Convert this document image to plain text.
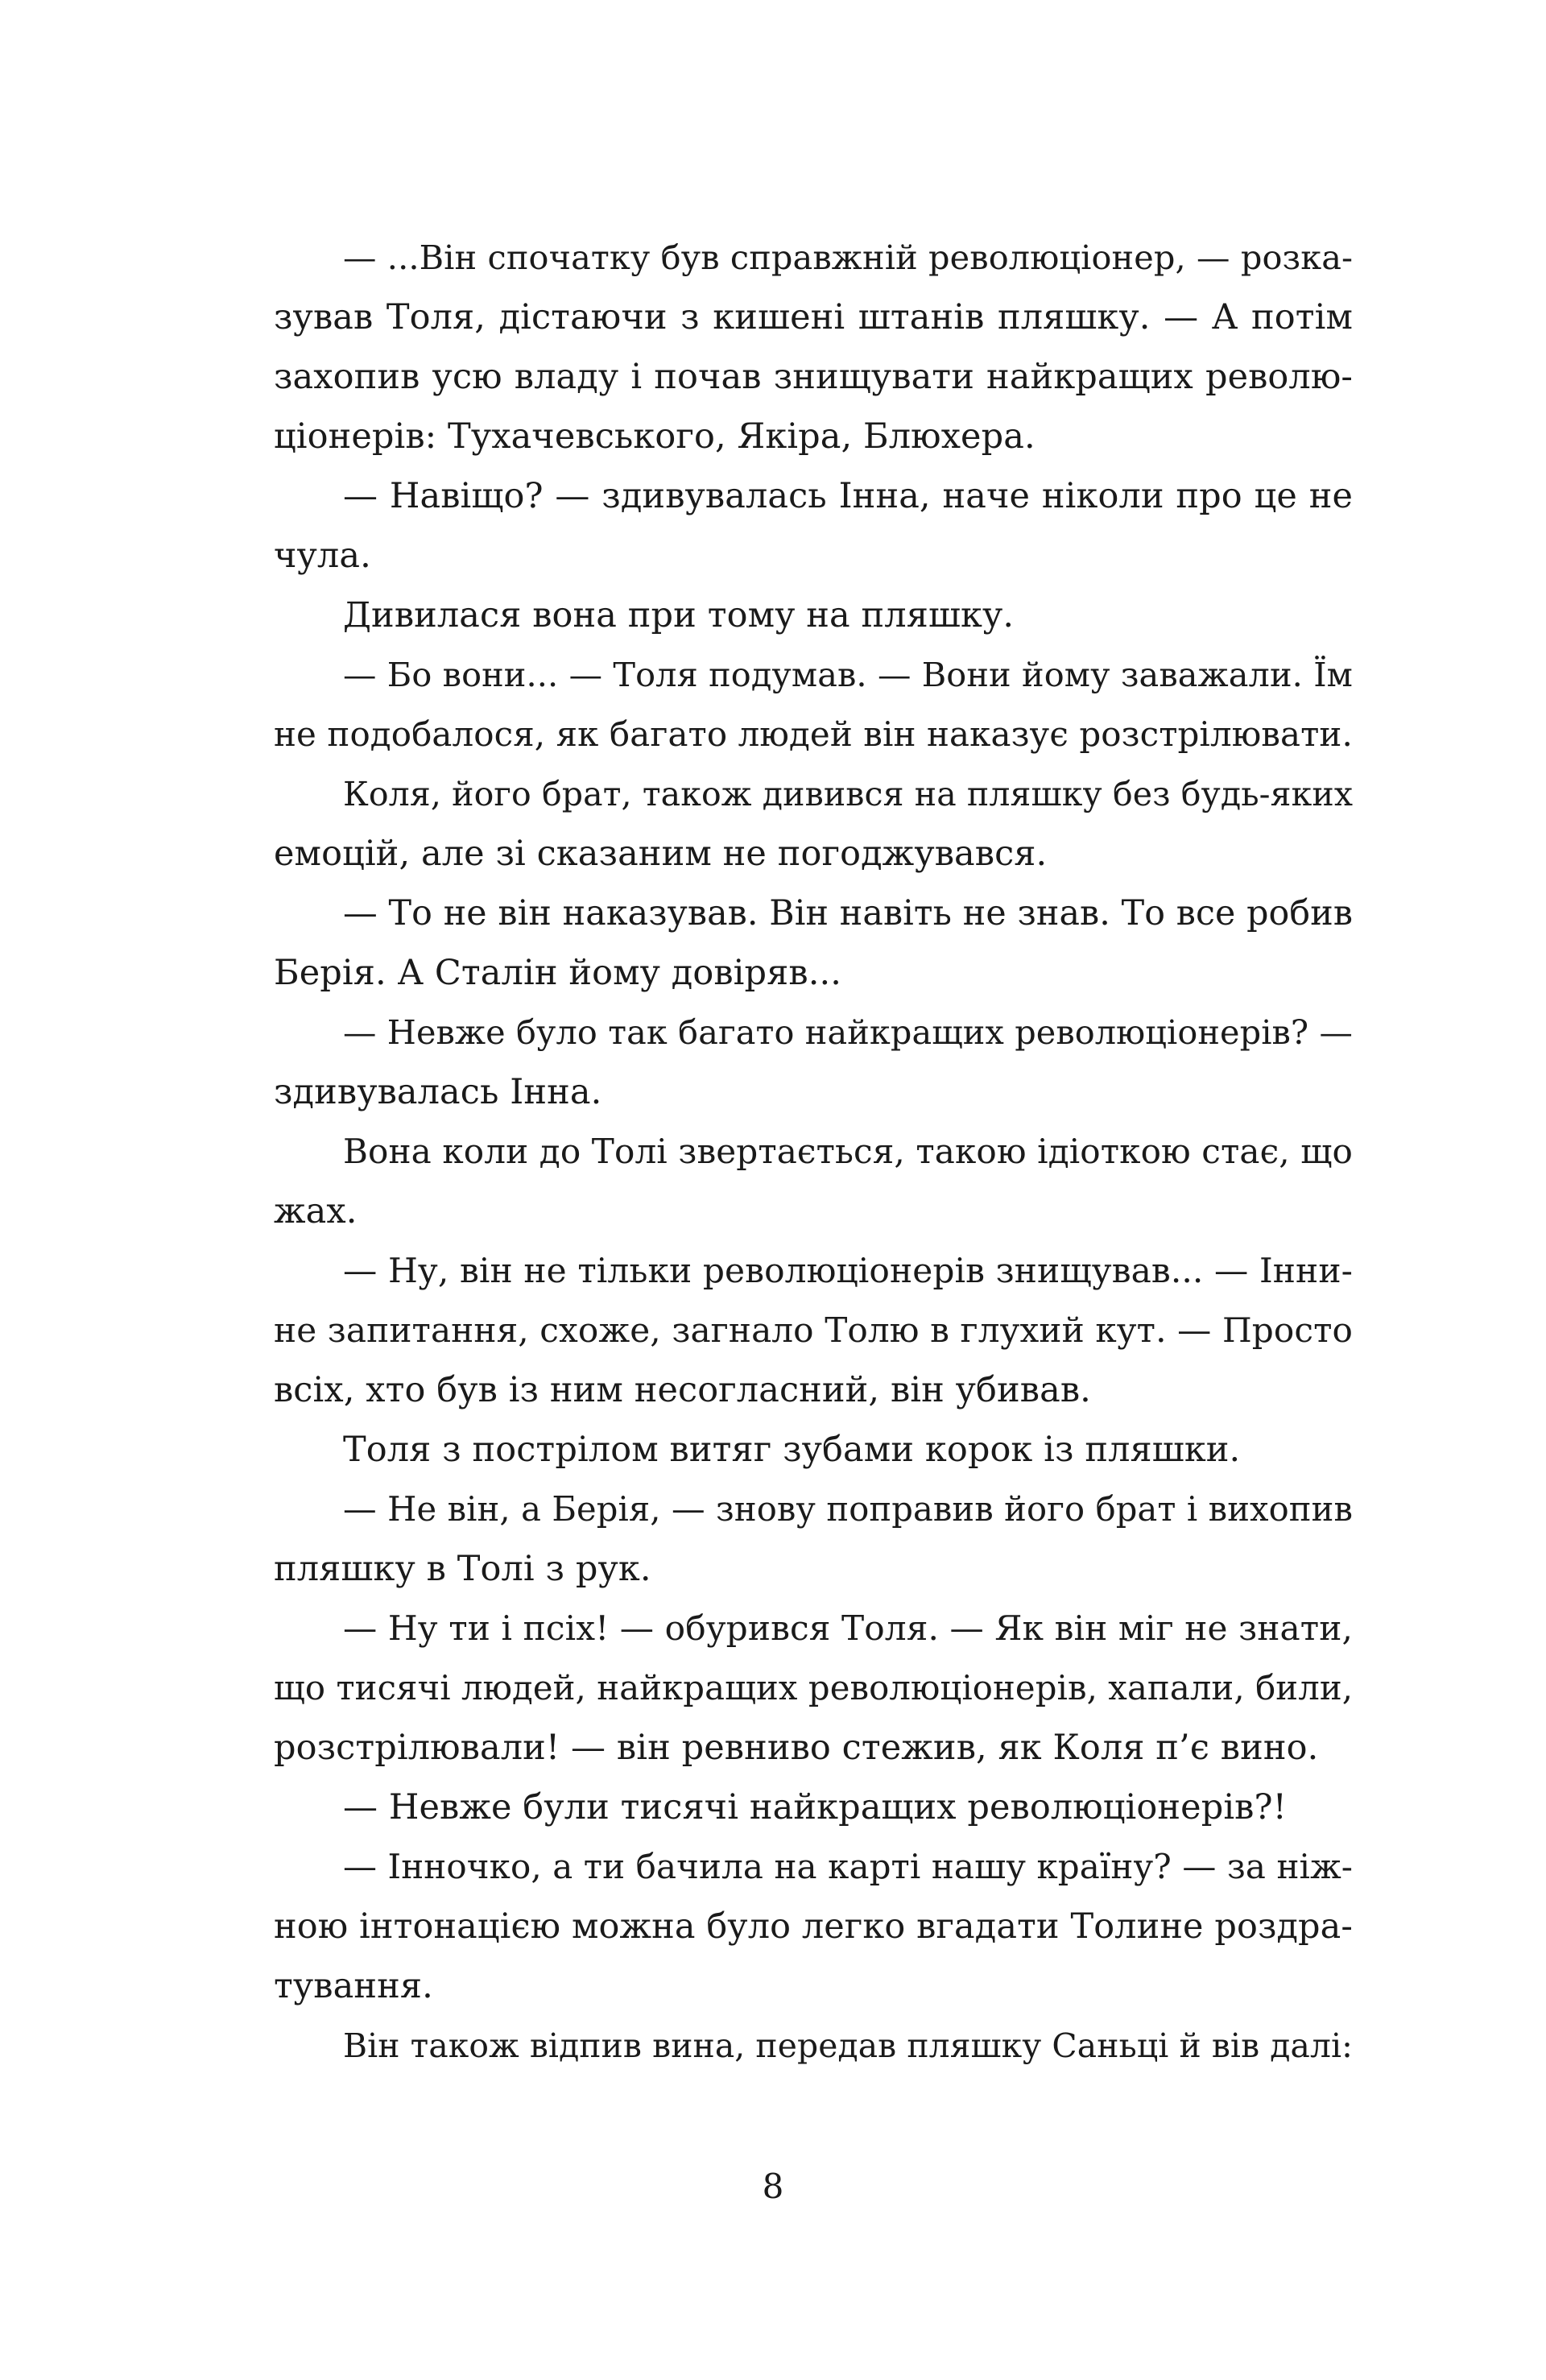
— ...Він спочатку був справжній революціонер, — розка-
зував Толя, дістаючи з кишені штанів пляшку. — А потім
захопив усю владу і почав знищувати найкращих револю-
ціонерів: Тухачевського, Якіра, Блюхера.
— Навіщо? — здивувалась Інна, наче ніколи про це не
чула.
Дивилася вона при тому на пляшку.
— Бо вони... — Толя подумав. — Вони йому заважали. Їм
не подобалося, як багато людей він наказує розстрілювати.
Коля, його брат, також дивився на пляшку без будь-яких
емоцій, але зі сказаним не погоджувався.
— То не він наказував. Він навіть не знав. То все робив
Берія. А Сталін йому довіряв...
— Невже було так багато найкращих революціонерів? —
здивувалась Інна.
Вона коли до Толі звертається, такою ідіоткою стає, що
жах.
— Ну, він не тільки революціонерів знищував... — Інни-
не запитання, схоже, загнало Толю в глухий кут. — Просто
всіх, хто був із ним несогласний, він убивав.
Толя з пострілом витяг зубами корок із пляшки.
— Не він, а Берія, — знову поправив його брат і вихопив
пляшку в Толі з рук.
— Ну ти і псіх! — обурився Толя. — Як він міг не знати,
що тисячі людей, найкращих революціонерів, хапали, били,
розстрілювали! — він ревниво стежив, як Коля п’є вино.
— Невже були тисячі найкращих революціонерів?!
— Інночко, а ти бачила на карті нашу країну? — за ніж-
ною інтонацією можна було легко вгадати Толине роздра-
тування.
Він також відпив вина, передав пляшку Саньці й вів далі:
8
